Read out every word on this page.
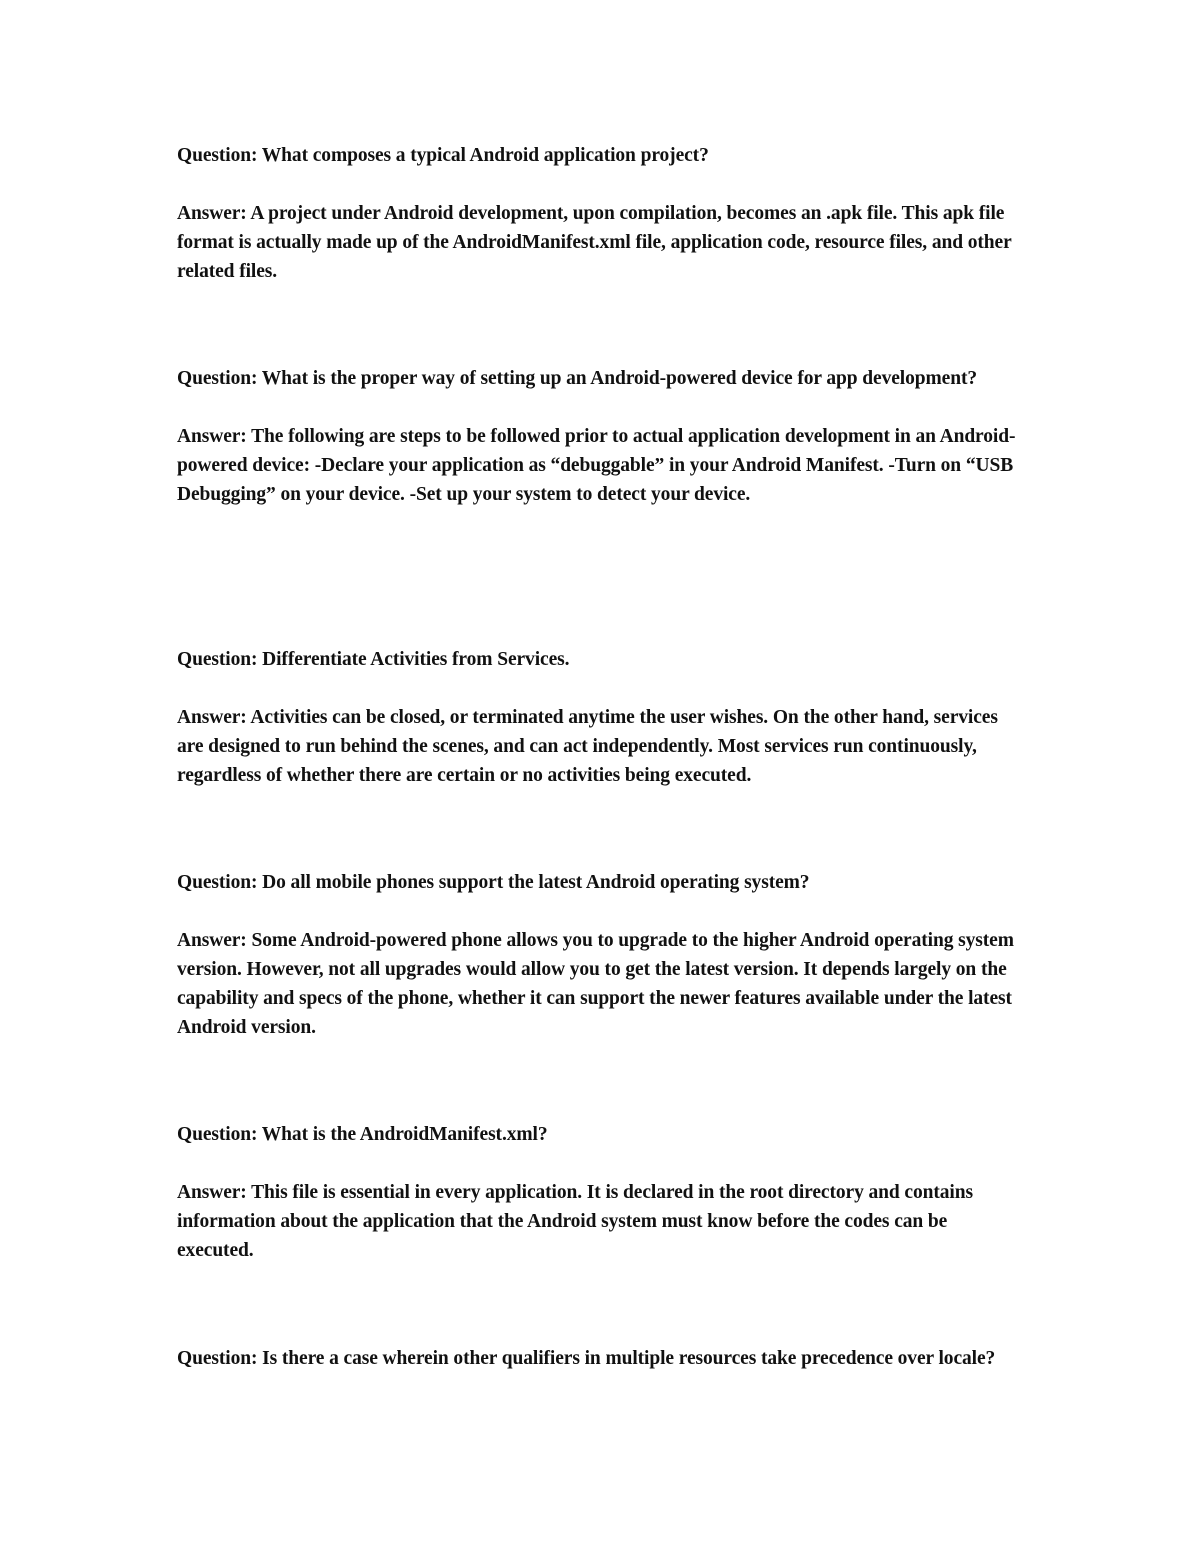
Question: What composes a typical Android application project?

Answer: A project under Android development, upon compilation, becomes an .apk file. This apk file format is actually made up of the AndroidManifest.xml file, application code, resource files, and other related files.

Question: What is the proper way of setting up an Android-powered device for app development?

Answer: The following are steps to be followed prior to actual application development in an Android-powered device: -Declare your application as “debuggable” in your Android Manifest. -Turn on “USB Debugging” on your device. -Set up your system to detect your device.

Question: Differentiate Activities from Services.

Answer: Activities can be closed, or terminated anytime the user wishes. On the other hand, services are designed to run behind the scenes, and can act independently. Most services run continuously, regardless of whether there are certain or no activities being executed.

Question: Do all mobile phones support the latest Android operating system?

Answer: Some Android-powered phone allows you to upgrade to the higher Android operating system version. However, not all upgrades would allow you to get the latest version. It depends largely on the capability and specs of the phone, whether it can support the newer features available under the latest Android version.

Question: What is the AndroidManifest.xml?

Answer: This file is essential in every application. It is declared in the root directory and contains information about the application that the Android system must know before the codes can be executed.

Question: Is there a case wherein other qualifiers in multiple resources take precedence over locale?
